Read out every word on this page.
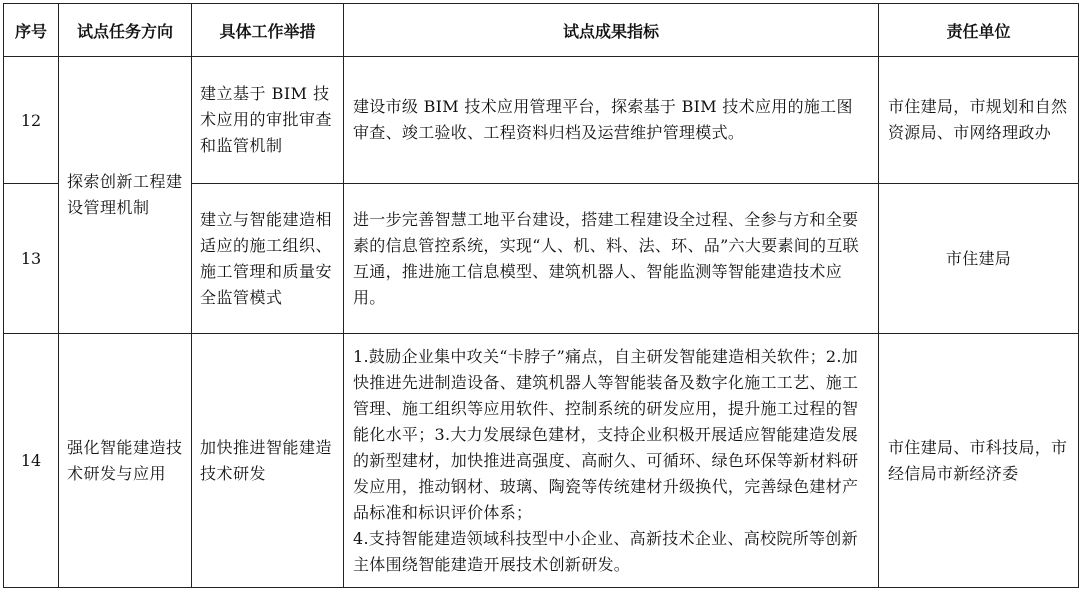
序号	试点任务方向	具体工作举措	试点成果指标	责任单位
12	探索创新工程建设管理机制	建立基于 BIM 技术应用的审批审查和监管机制	建设市级 BIM 技术应用管理平台，探索基于 BIM 技术应用的施工图审查、竣工验收、工程资料归档及运营维护管理模式。	市住建局，市规划和自然资源局、市网络理政办
13		建立与智能建造相适应的施工组织、施工管理和质量安全监管模式	进一步完善智慧工地平台建设，搭建工程建设全过程、全参与方和全要素的信息管控系统，实现“人、机、料、法、环、品”六大要素间的互联互通，推进施工信息模型、建筑机器人、智能监测等智能建造技术应用。	市住建局
14	强化智能建造技术研发与应用	加快推进智能建造技术研发	1.鼓励企业集中攻关“卡脖子”痛点，自主研发智能建造相关软件；2.加快推进先进制造设备、建筑机器人等智能装备及数字化施工工艺、施工管理、施工组织等应用软件、控制系统的研发应用，提升施工过程的智能化水平；3.大力发展绿色建材，支持企业积极开展适应智能建造发展的新型建材，加快推进高强度、高耐久、可循环、绿色环保等新材料研发应用，推动钢材、玻璃、陶瓷等传统建材升级换代，完善绿色建材产品标准和标识评价体系；
4.支持智能建造领域科技型中小企业、高新技术企业、高校院所等创新主体围绕智能建造开展技术创新研发。	市住建局、市科技局，市经信局市新经济委
